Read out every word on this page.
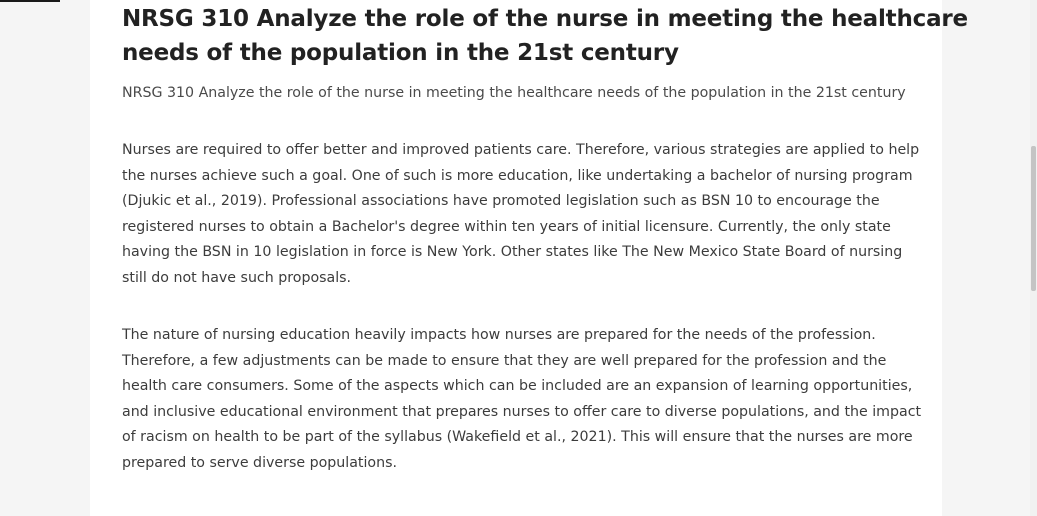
NRSG 310 Analyze the role of the nurse in meeting the healthcare
needs of the population in the 21st century

NRSG 310 Analyze the role of the nurse in meeting the healthcare needs of the population in the 21st century

Nurses are required to offer better and improved patients care. Therefore, various strategies are applied to help
the nurses achieve such a goal. One of such is more education, like undertaking a bachelor of nursing program
(Djukic et al., 2019). Professional associations have promoted legislation such as BSN 10 to encourage the
registered nurses to obtain a Bachelor's degree within ten years of initial licensure. Currently, the only state
having the BSN in 10 legislation in force is New York. Other states like The New Mexico State Board of nursing
still do not have such proposals.

The nature of nursing education heavily impacts how nurses are prepared for the needs of the profession.
Therefore, a few adjustments can be made to ensure that they are well prepared for the profession and the
health care consumers. Some of the aspects which can be included are an expansion of learning opportunities,
and inclusive educational environment that prepares nurses to offer care to diverse populations, and the impact
of racism on health to be part of the syllabus (Wakefield et al., 2021). This will ensure that the nurses are more
prepared to serve diverse populations.
